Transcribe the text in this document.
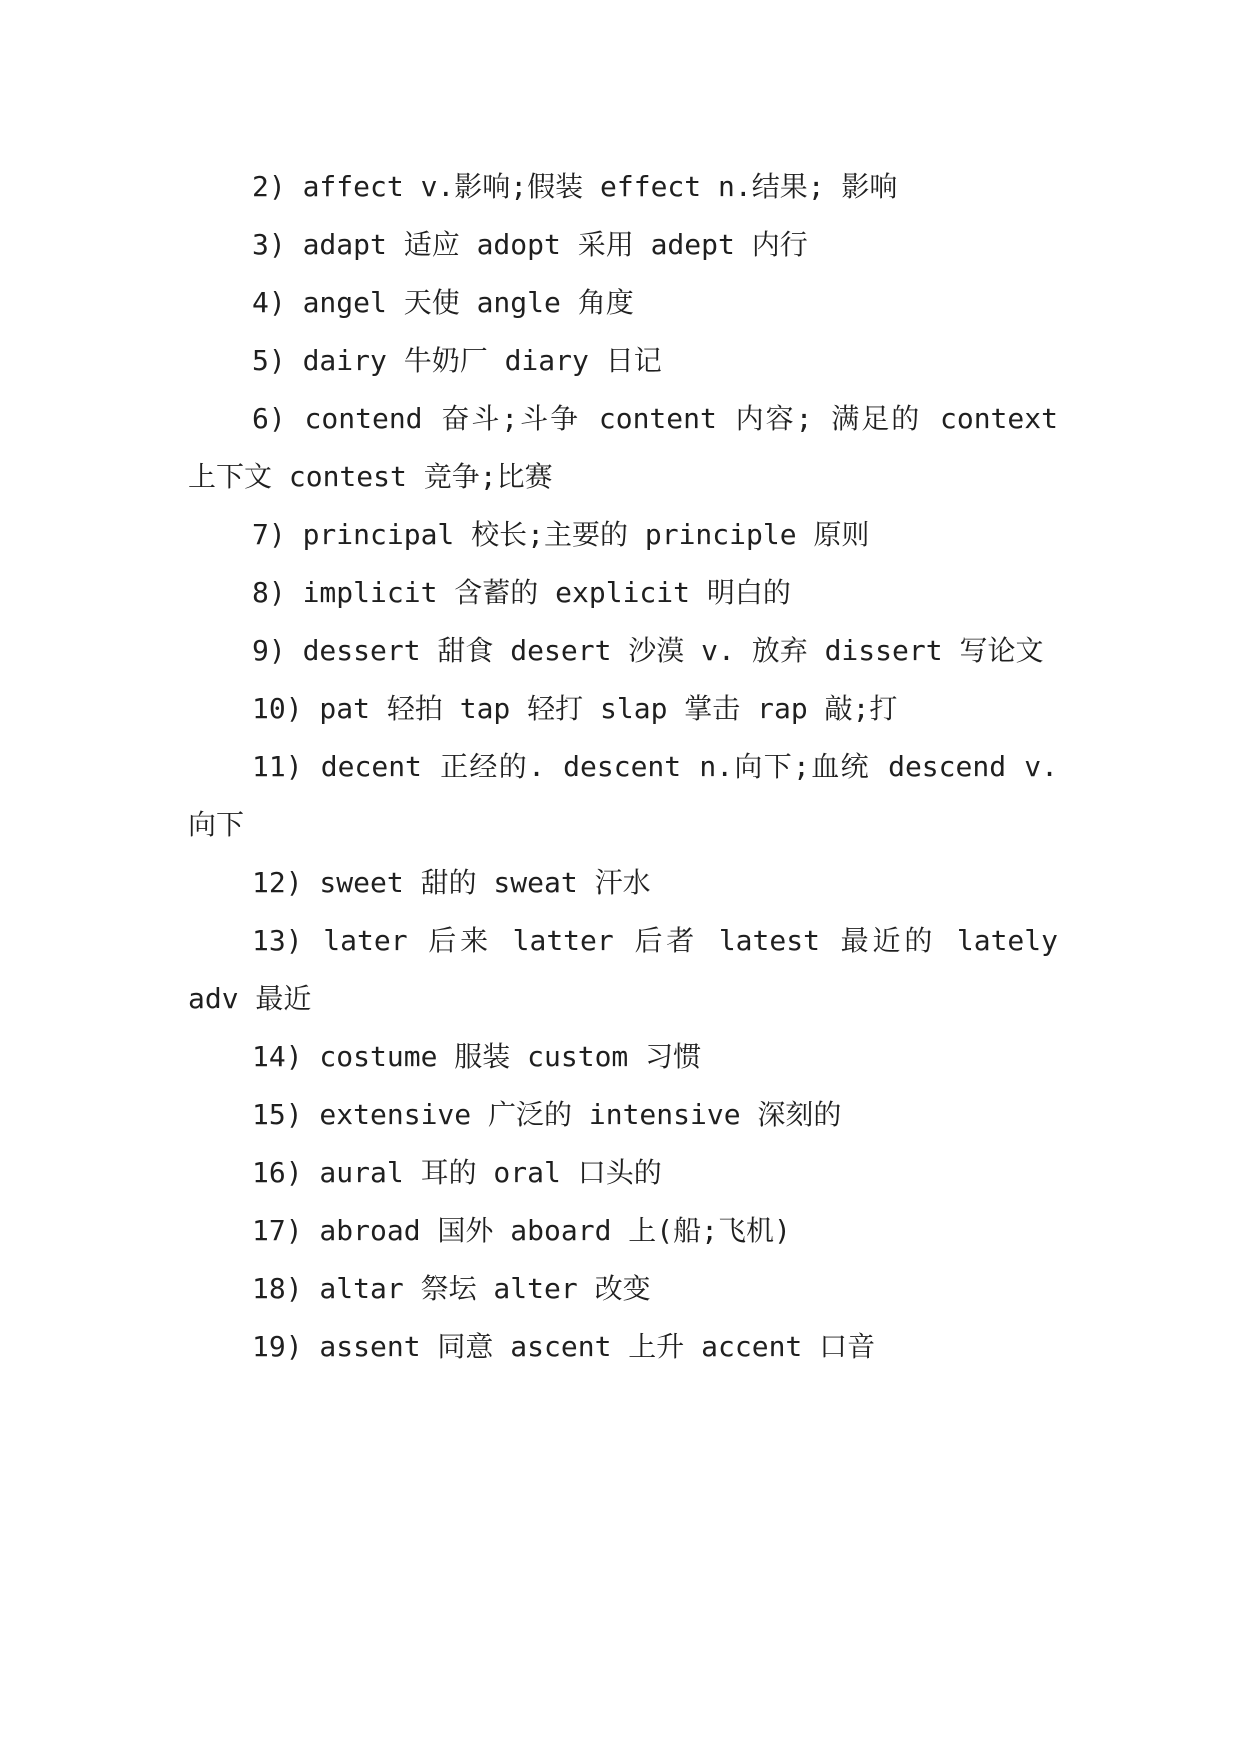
2) affect v.影响;假装 effect n.结果; 影响

3) adapt 适应 adopt 采用 adept 内行

4) angel 天使 angle 角度

5) dairy 牛奶厂 diary 日记

6) contend 奋斗;斗争 content 内容; 满足的 context 上下文 contest 竞争;比赛

7) principal 校长;主要的 principle 原则

8) implicit 含蓄的 explicit 明白的

9) dessert 甜食 desert 沙漠 v. 放弃 dissert 写论文

10) pat 轻拍 tap 轻打 slap 掌击 rap 敲;打

11) decent 正经的. descent n.向下;血统 descend v.向下

12) sweet 甜的 sweat 汗水

13) later 后来 latter 后者 latest 最近的 lately adv 最近

14) costume 服装 custom 习惯

15) extensive 广泛的 intensive 深刻的

16) aural 耳的 oral 口头的

17) abroad 国外 aboard 上(船;飞机)

18) altar 祭坛 alter 改变

19) assent 同意 ascent 上升 accent 口音
